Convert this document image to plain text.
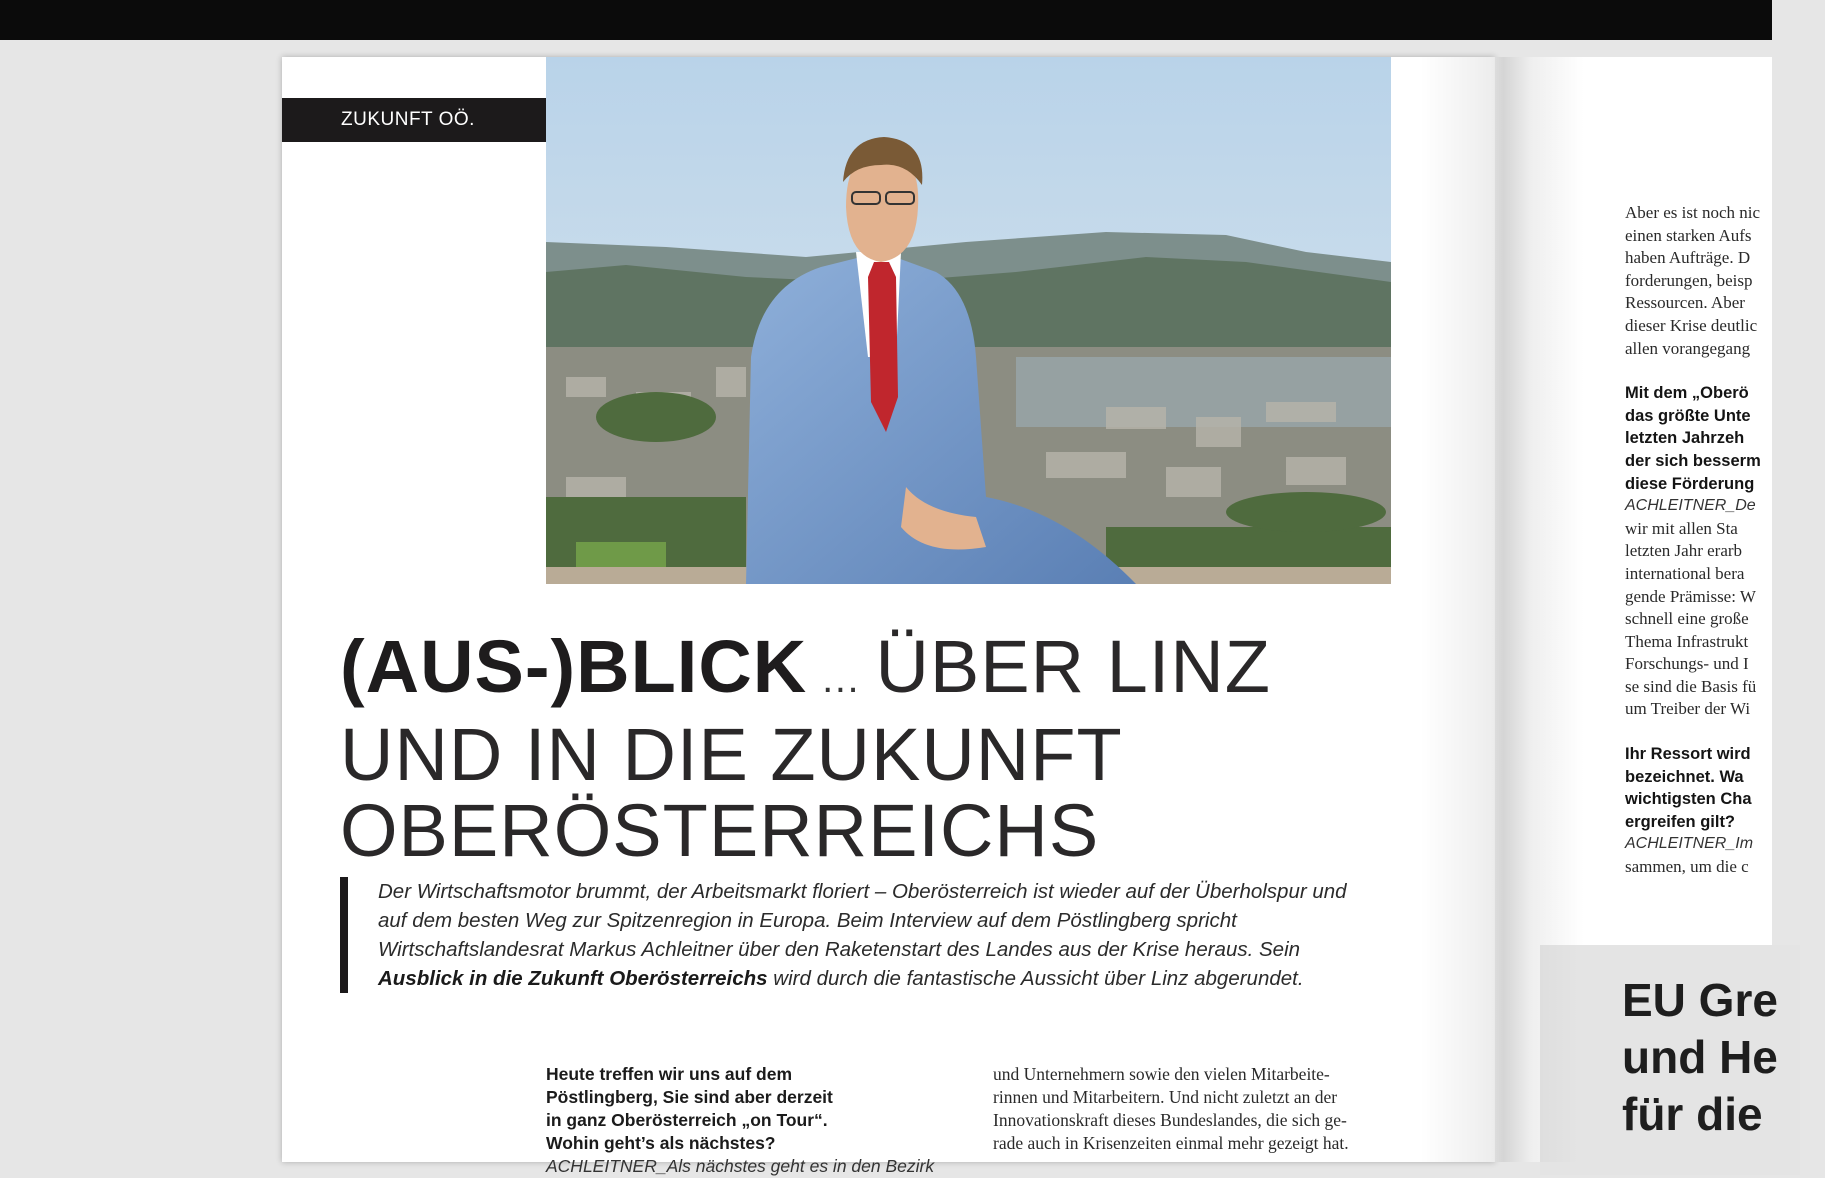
ZUKUNFT OÖ.
(AUS-)BLICK … ÜBER LINZ
UND IN DIE ZUKUNFT
OBERÖSTERREICHS

Der Wirtschaftsmotor brummt, der Arbeitsmarkt floriert – Oberösterreich ist wieder auf der Überholspur und auf dem besten Weg zur Spitzenregion in Europa. Beim Interview auf dem Pöstlingberg spricht Wirtschaftslandesrat Markus Achleitner über den Raketenstart des Landes aus der Krise heraus. Sein Ausblick in die Zukunft Oberösterreichs wird durch die fantastische Aussicht über Linz abgerundet.

Heute treffen wir uns auf dem
Pöstlingberg, Sie sind aber derzeit
in ganz Oberösterreich „on Tour“.
Wohin geht’s als nächstes?
ACHLEITNER_Als nächstes geht es in den Bezirk
und Unternehmern sowie den vielen Mitarbeite-
rinnen und Mitarbeitern. Und nicht zuletzt an der
Innovationskraft dieses Bundeslandes, die sich ge-
rade auch in Krisenzeiten einmal mehr gezeigt hat.
Aber es ist noch nic
einen starken Aufs
haben Aufträge. D
forderungen, beisp
Ressourcen. Aber
dieser Krise deutlic
allen vorangegang
Mit dem „Oberö
das größte Unte
letzten Jahrzeh
der sich besserm
diese Förderung
ACHLEITNER_De
wir mit allen Sta
letzten Jahr erarb
international bera
gende Prämisse: W
schnell eine große
Thema Infrastrukt
Forschungs- und I
se sind die Basis fü
um Treiber der Wi
Ihr Ressort wird
bezeichnet. Wa
wichtigsten Cha
ergreifen gilt?
ACHLEITNER_Im
sammen, um die c
EU Gre
und He
für die
